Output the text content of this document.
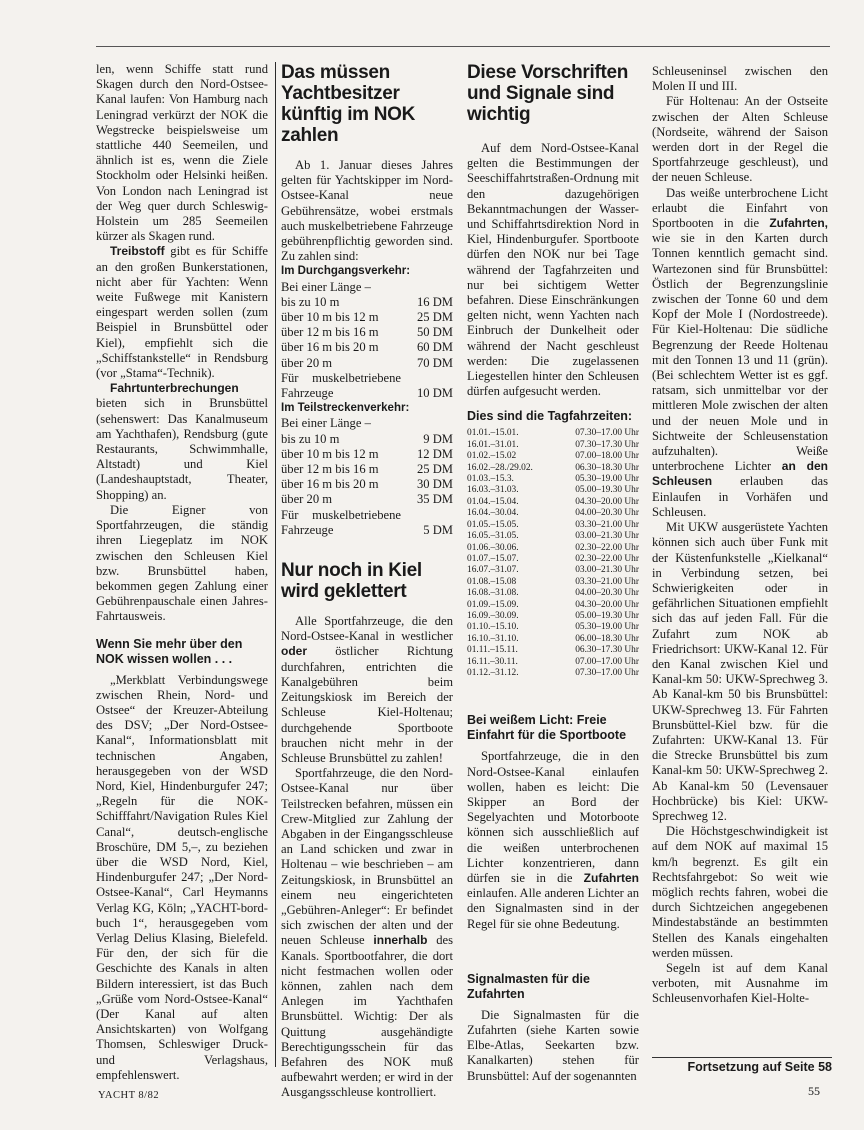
len, wenn Schiffe statt rund Skagen durch den Nord-Ostsee-Kanal laufen: Von Hamburg nach Leningrad verkürzt der NOK die Wegstrecke beispielsweise um stattliche 440 Seemeilen, und ähnlich ist es, wenn die Ziele Stockholm oder Helsinki heißen. Von London nach Leningrad ist der Weg quer durch Schleswig-Holstein um 285 Seemeilen kürzer als Skagen rund.

Treibstoff gibt es für Schiffe an den großen Bunkerstationen, nicht aber für Yachten: Wenn weite Fußwege mit Kanistern eingespart werden sollen (zum Beispiel in Brunsbüttel oder Kiel), empfiehlt sich die „Schiffstankstelle“ in Rendsburg (vor „Stama“-Technik).

Fahrtunterbrechungen bieten sich in Brunsbüttel (sehenswert: Das Kanalmuseum am Yachthafen), Rendsburg (gute Restaurants, Schwimmhalle, Altstadt) und Kiel (Landeshauptstadt, Theater, Shopping) an.

Die Eigner von Sportfahrzeugen, die ständig ihren Liegeplatz im NOK zwischen den Schleusen Kiel bzw. Brunsbüttel haben, bekommen gegen Zahlung einer Gebührenpauschale einen Jahres-Fahrtausweis.

Wenn Sie mehr über den NOK wissen wollen . . .

„Merkblatt Verbindungswege zwischen Rhein, Nord- und Ostsee“ der Kreuzer-Abteilung des DSV; „Der Nord-Ostsee-Kanal“, Informationsblatt mit technischen Angaben, herausgegeben von der WSD Nord, Kiel, Hindenburgufer 247; „Regeln für die NOK-Schifffahrt/Navigation Rules Kiel Canal“, deutsch-englische Broschüre, DM 5,–, zu beziehen über die WSD Nord, Kiel, Hindenburgufer 247; „Der Nord-Ostsee-Kanal“, Carl Heymanns Verlag KG, Köln; „YACHT-bord-buch 1“, herausgegeben vom Verlag Delius Klasing, Bielefeld. Für den, der sich für die Geschichte des Kanals in alten Bildern interessiert, ist das Buch „Grüße vom Nord-Ostsee-Kanal“ (Der Kanal auf alten Ansichtskarten) von Wolfgang Thomsen, Schleswiger Druck- und Verlagshaus, empfehlenswert.

Das müssen Yachtbesitzer künftig im NOK zahlen

Ab 1. Januar dieses Jahres gelten für Yachtskipper im Nord-Ostsee-Kanal neue Gebührensätze, wobei erstmals auch muskelbetriebene Fahrzeuge gebührenpflichtig geworden sind. Zu zahlen sind:

Im Durchgangsverkehr:
Bei einer Länge –
bis zu 10 m	16 DM
über 10 m bis 12 m	25 DM
über 12 m bis 16 m	50 DM
über 16 m bis 20 m	60 DM
über 20 m	70 DM
Für muskelbetriebene Fahrzeuge	10 DM
Im Teilstreckenverkehr:
Bei einer Länge –
bis zu 10 m	9 DM
über 10 m bis 12 m	12 DM
über 12 m bis 16 m	25 DM
über 16 m bis 20 m	30 DM
über 20 m	35 DM
Für muskelbetriebene Fahrzeuge	5 DM
Nur noch in Kiel wird geklettert

Alle Sportfahrzeuge, die den Nord-Ostsee-Kanal in westlicher oder östlicher Richtung durchfahren, entrichten die Kanalgebühren beim Zeitungskiosk im Bereich der Schleuse Kiel-Holtenau; durchgehende Sportboote brauchen nicht mehr in der Schleuse Brunsbüttel zu zahlen!

Sportfahrzeuge, die den Nord-Ostsee-Kanal nur über Teilstrecken befahren, müssen ein Crew-Mitglied zur Zahlung der Abgaben in der Eingangsschleuse an Land schicken und zwar in Holtenau – wie beschrieben – am Zeitungskiosk, in Brunsbüttel an einem neu eingerichteten „Gebühren-Anleger“: Er befindet sich zwischen der alten und der neuen Schleuse innerhalb des Kanals. Sportbootfahrer, die dort nicht festmachen wollen oder können, zahlen nach dem Anlegen im Yachthafen Brunsbüttel. Wichtig: Der als Quittung ausgehändigte Berechtigungsschein für das Befahren des NOK muß aufbewahrt werden; er wird in der Ausgangsschleuse kontrolliert.

Diese Vorschriften und Signale sind wichtig

Auf dem Nord-Ostsee-Kanal gelten die Bestimmungen der Seeschiffahrtstraßen-Ordnung mit den dazugehörigen Bekanntmachungen der Wasser- und Schiffahrtsdirektion Nord in Kiel, Hindenburgufer. Sportboote dürfen den NOK nur bei Tage während der Tagfahrzeiten und nur bei sichtigem Wetter befahren. Diese Einschränkungen gelten nicht, wenn Yachten nach Einbruch der Dunkelheit oder während der Nacht geschleust werden: Die zugelassenen Liegestellen hinter den Schleusen dürfen aufgesucht werden.

Dies sind die Tagfahrzeiten:
01.01.–15.01.	07.30–17.00 Uhr
16.01.–31.01.	07.30–17.30 Uhr
01.02.–15.02	07.00–18.00 Uhr
16.02.–28./29.02.	06.30–18.30 Uhr
01.03.–15.3.	05.30–19.00 Uhr
16.03.–31.03.	05.00–19.30 Uhr
01.04.–15.04.	04.30–20.00 Uhr
16.04.–30.04.	04.00–20.30 Uhr
01.05.–15.05.	03.30–21.00 Uhr
16.05.–31.05.	03.00–21.30 Uhr
01.06.–30.06.	02.30–22.00 Uhr
01.07.–15.07.	02.30–22.00 Uhr
16.07.–31.07.	03.00–21.30 Uhr
01.08.–15.08	03.30–21.00 Uhr
16.08.–31.08.	04.00–20.30 Uhr
01.09.–15.09.	04.30–20.00 Uhr
16.09.–30.09.	05.00–19.30 Uhr
01.10.–15.10.	05.30–19.00 Uhr
16.10.–31.10.	06.00–18.30 Uhr
01.11.–15.11.	06.30–17.30 Uhr
16.11.–30.11.	07.00–17.00 Uhr
01.12.–31.12.	07.30–17.00 Uhr
Bei weißem Licht: Freie Einfahrt für die Sportboote

Sportfahrzeuge, die in den Nord-Ostsee-Kanal einlaufen wollen, haben es leicht: Die Skipper an Bord der Segelyachten und Motorboote können sich ausschließlich auf die weißen unterbrochenen Lichter konzentrieren, dann dürfen sie in die Zufahrten einlaufen. Alle anderen Lichter an den Signalmasten sind in der Regel für sie ohne Bedeutung.

Signalmasten für die Zufahrten

Die Signalmasten für die Zufahrten (siehe Karten sowie Elbe-Atlas, Seekarten bzw. Kanalkarten) stehen für Brunsbüttel: Auf der sogenannten

Schleuseninsel zwischen den Molen II und III.

Für Holtenau: An der Ostseite zwischen der Alten Schleuse (Nordseite, während der Saison werden dort in der Regel die Sportfahrzeuge geschleust), und der neuen Schleuse.

Das weiße unterbrochene Licht erlaubt die Einfahrt von Sportbooten in die Zufahrten, wie sie in den Karten durch Tonnen kenntlich gemacht sind. Wartezonen sind für Brunsbüttel: Östlich der Begrenzungslinie zwischen der Tonne 60 und dem Kopf der Mole I (Nordostreede). Für Kiel-Holtenau: Die südliche Begrenzung der Reede Holtenau mit den Tonnen 13 und 11 (grün). (Bei schlechtem Wetter ist es ggf. ratsam, sich unmittelbar vor der mittleren Mole zwischen der alten und der neuen Mole und in Sichtweite der Schleusenstation aufzuhalten). Weiße unterbrochene Lichter an den Schleusen erlauben das Einlaufen in Vorhäfen und Schleusen.

Mit UKW ausgerüstete Yachten können sich auch über Funk mit der Küstenfunkstelle „Kielkanal“ in Verbindung setzen, bei Schwierigkeiten oder in gefährlichen Situationen empfiehlt sich das auf jeden Fall. Für die Zufahrt zum NOK ab Friedrichsort: UKW-Kanal 12. Für den Kanal zwischen Kiel und Kanal-km 50: UKW-Sprechweg 3. Ab Kanal-km 50 bis Brunsbüttel: UKW-Sprechweg 13. Für Fahrten Brunsbüttel-Kiel bzw. für die Zufahrten: UKW-Kanal 13. Für die Strecke Brunsbüttel bis zum Kanal-km 50: UKW-Sprechweg 2. Ab Kanal-km 50 (Levensauer Hochbrücke) bis Kiel: UKW-Sprechweg 12.

Die Höchstgeschwindigkeit ist auf dem NOK auf maximal 15 km/h begrenzt. Es gilt ein Rechtsfahrgebot: So weit wie möglich rechts fahren, wobei die durch Sichtzeichen angegebenen Mindestabstände an bestimmten Stellen des Kanals eingehalten werden müssen.

Segeln ist auf dem Kanal verboten, mit Ausnahme im Schleusenvorhafen Kiel-Holte-

Fortsetzung auf Seite 58
YACHT 8/82	55
